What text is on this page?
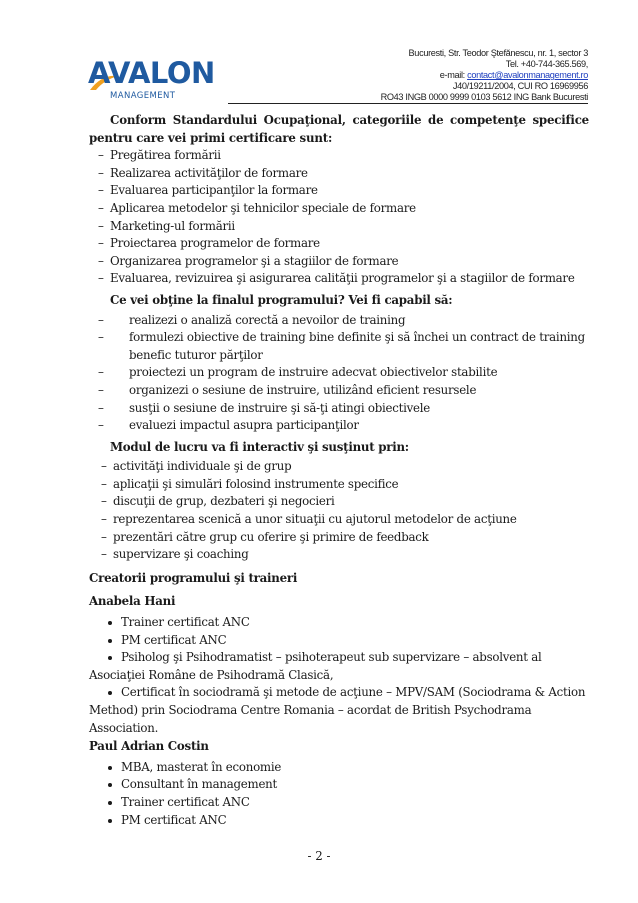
AVALON
MANAGEMENT
Bucuresti, Str. Teodor Ştefănescu, nr. 1, sector 3
Tel. +40-744-365.569,
e-mail: contact@avalonmanagement.ro
J40/19211/2004, CUI RO 16969956
RO43 INGB 0000 9999 0103 5612 ING Bank Bucuresti

Conform Standardului Ocupaţional, categoriile de competenţe specifice pentru care vei primi certificare sunt:

– Pregătirea formării
– Realizarea activităţilor de formare
– Evaluarea participanţilor la formare
– Aplicarea metodelor şi tehnicilor speciale de formare
– Marketing-ul formării
– Proiectarea programelor de formare
– Organizarea programelor şi a stagiilor de formare
– Evaluarea, revizuirea şi asigurarea calităţii programelor şi a stagiilor de formare
Ce vei obţine la finalul programului? Vei fi capabil să:
– realizezi o analiză corectă a nevoilor de training
– formulezi obiective de training bine definite şi să închei un contract de training benefic tuturor părţilor
– proiectezi un program de instruire adecvat obiectivelor stabilite
– organizezi o sesiune de instruire, utilizând eficient resursele
– susţii o sesiune de instruire şi să-ţi atingi obiectivele
– evaluezi impactul asupra participanţilor
Modul de lucru va fi interactiv şi susţinut prin:
– activităţi individuale şi de grup
– aplicaţii şi simulări folosind instrumente specifice
– discuţii de grup, dezbateri şi negocieri
– reprezentarea scenică a unor situaţii cu ajutorul metodelor de acţiune
– prezentări către grup cu oferire şi primire de feedback
– supervizare şi coaching
Creatorii programului şi traineri
Anabela Hani
Trainer certificat ANC
PM certificat ANC
Psiholog şi Psihodramatist – psihoterapeut sub supervizare – absolvent al Asociaţiei Române de Psihodramă Clasică,
Certificat în sociodramă şi metode de acţiune – MPV/SAM (Sociodrama & Action Method) prin Sociodrama Centre Romania – acordat de British Psychodrama Association.
Paul Adrian Costin
MBA, masterat în economie
Consultant în management
Trainer certificat ANC
PM certificat ANC
- 2 -
